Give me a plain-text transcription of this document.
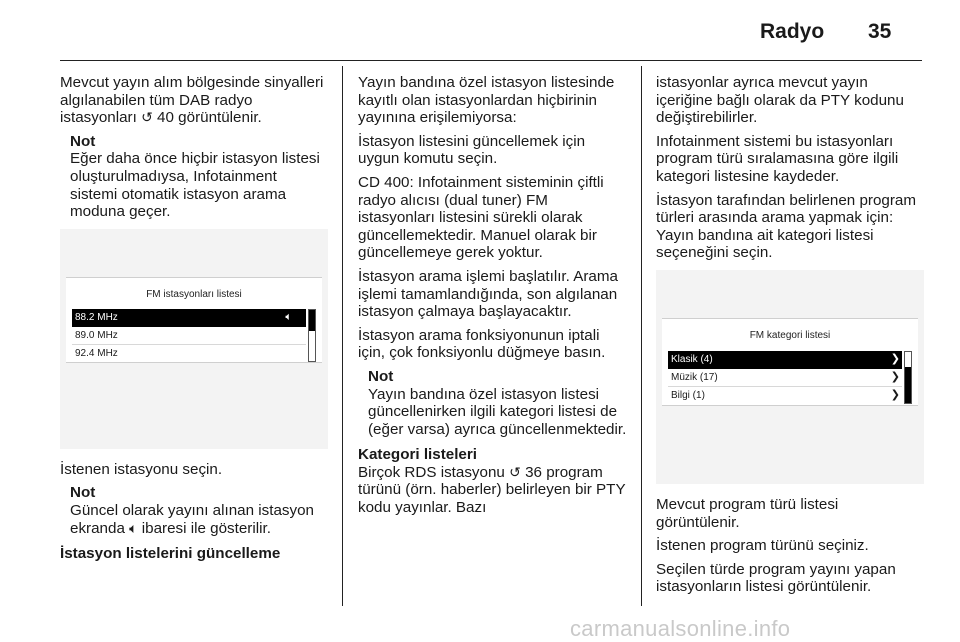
Radyo 35

Mevcut yayın alım bölgesinde sinyalleri algılanabilen tüm DAB radyo istasyonları ↺ 40 görüntülenir.

Not
Eğer daha önce hiçbir istasyon listesi oluşturulmadıysa, Infotainment sistemi otomatik istasyon arama moduna geçer.
FM istasyonları listesi
88.2 MHz	🔈︎
89.0 MHz
92.4 MHz

İstenen istasyonu seçin.

Not
Güncel olarak yayını alınan istasyon ekranda 🔈︎ ibaresi ile gösterilir.

İstasyon listelerini güncelleme

Yayın bandına özel istasyon listesinde kayıtlı olan istasyonlardan hiçbirinin yayınına erişilemiyorsa:

İstasyon listesini güncellemek için uygun komutu seçin.

CD 400: Infotainment sisteminin çiftli radyo alıcısı (dual tuner) FM istasyonları listesini sürekli olarak güncellemektedir. Manuel olarak bir güncellemeye gerek yoktur.

İstasyon arama işlemi başlatılır. Arama işlemi tamamlandığında, son algılanan istasyon çalmaya başlayacaktır.

İstasyon arama fonksiyonunun iptali için, çok fonksiyonlu düğmeye basın.

Not
Yayın bandına özel istasyon listesi güncellenirken ilgili kategori listesi de (eğer varsa) ayrıca güncellenmektedir.

Kategori listeleri

Birçok RDS istasyonu ↺ 36 program türünü (örn. haberler) belirleyen bir PTY kodu yayınlar. Bazı

istasyonlar ayrıca mevcut yayın içeriğine bağlı olarak da PTY kodunu değiştirebilirler.

Infotainment sistemi bu istasyonları program türü sıralamasına göre ilgili kategori listesine kaydeder.

İstasyon tarafından belirlenen program türleri arasında arama yapmak için: Yayın bandına ait kategori listesi seçeneğini seçin.

FM kategori listesi
Klasik (4)	❯
Müzik (17)	❯
Bilgi (1)	❯

Mevcut program türü listesi görüntülenir.

İstenen program türünü seçiniz.

Seçilen türde program yayını yapan istasyonların listesi görüntülenir.

carmanualsonline.info
